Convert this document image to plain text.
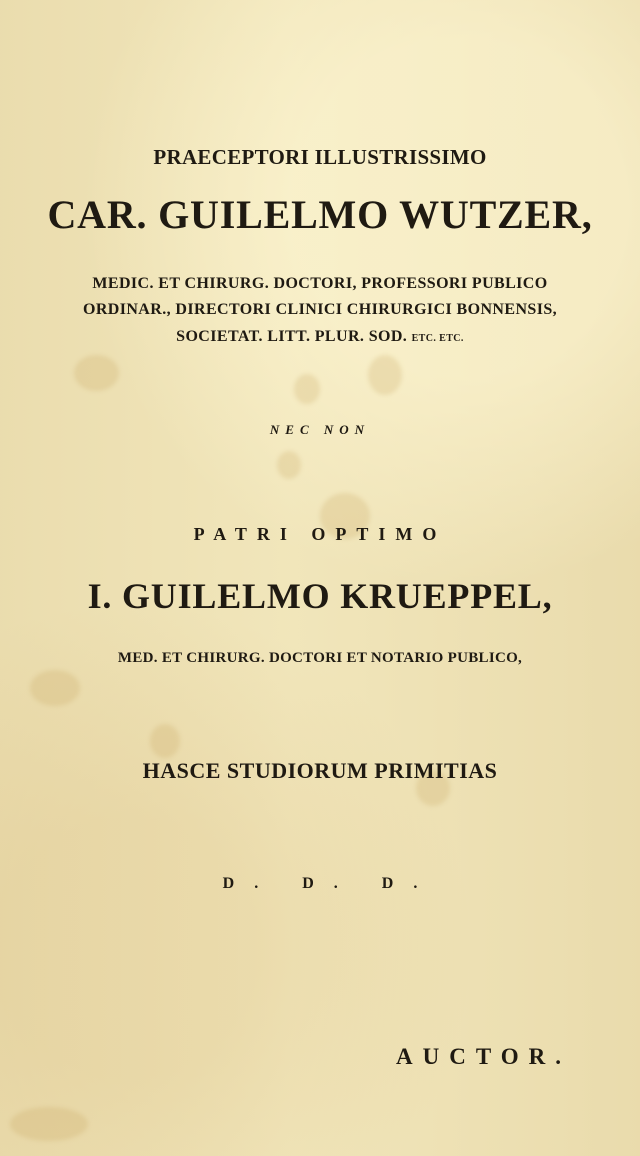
PRAECEPTORI ILLUSTRISSIMO
CAR. GUILELMO WUTZER,
MEDIC. ET CHIRURG. DOCTORI, PROFESSORI PUBLICO
ORDINAR., DIRECTORI CLINICI CHIRURGICI BONNENSIS,
SOCIETAT. LITT. PLUR. SOD. ETC. ETC.
NEC NON
PATRI OPTIMO
I. GUILELMO KRUEPPEL,
MED. ET CHIRURG. DOCTORI ET NOTARIO PUBLICO,
HASCE STUDIORUM PRIMITIAS
D. D. D.
AUCTOR.
